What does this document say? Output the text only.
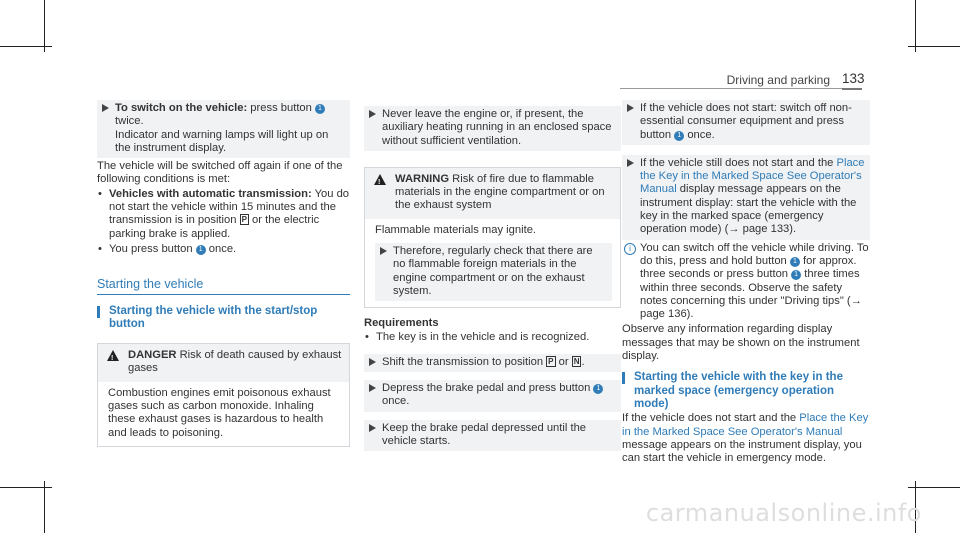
Driving and parking 133

To switch on the vehicle: press button 1

twice.

Indicator and warning lamps will light up on the instrument display.

The vehicle will be switched off again if one of the following conditions is met:

• Vehicles with automatic transmission: You do not start the vehicle within 15 minutes and the transmission is in position P or the electric parking brake is applied.
• You press button 1 once.
Starting the vehicle
Starting the vehicle with the start/stop button
!
DANGER Risk of death caused by exhaust gases
Combustion engines emit poisonous exhaust gases such as carbon monoxide. Inhaling these exhaust gases is hazardous to health and leads to poisoning.

Never leave the engine or, if present, the auxiliary heating running in an enclosed space without sufficient ventilation.

!
WARNING Risk of fire due to flammable materials in the engine compartment or on the exhaust system

Flammable materials may ignite.

Therefore, regularly check that there are no flammable foreign materials in the engine compartment or on the exhaust system.

Requirements

• The key is in the vehicle and is recognized.

Shift the transmission to position P or N .

Depress the brake pedal and press button 1

once.

Keep the brake pedal depressed until the vehicle starts.

If the vehicle does not start: switch off non-essential consumer equipment and press button 1 once.

If the vehicle still does not start and the Place the Key in the Marked Space See Operator's Manual display message appears on the instrument display: start the vehicle with the key in the marked space (emergency operation mode) (→ page 133).

i You can switch off the vehicle while driving. To do this, press and hold button 1 for approx. three seconds or press button 1 three times within three seconds. Observe the safety notes concerning this under "Driving tips" (→ page 136).

Observe any information regarding display messages that may be shown on the instrument display.

Starting the vehicle with the key in the marked space (emergency operation mode)

If the vehicle does not start and the Place the Key in the Marked Space See Operator's Manual message appears on the instrument display, you can start the vehicle in emergency mode.

carmanualsonline.info
